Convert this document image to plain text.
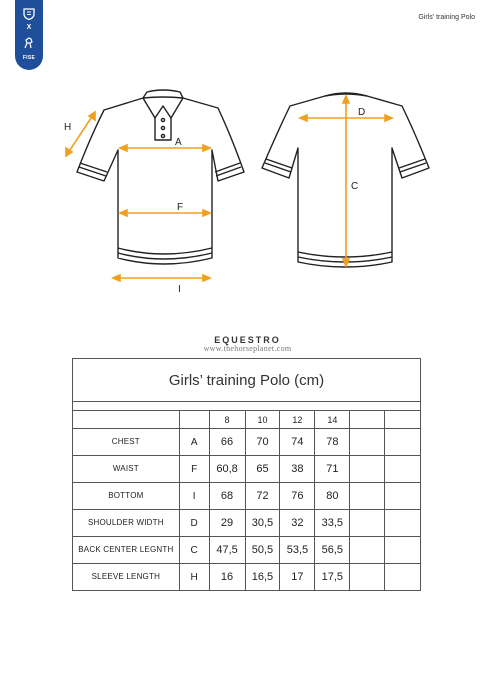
X
FISE
Girls' training Polo
H
A
F
I
D
C
EQUESTRO
www.thehorseplanet.com
Girls’ training Polo (cm)							

		8	10	12	14		
CHEST	A	66	70	74	78		
WAIST	F	60,8	65	38	71		
BOTTOM	I	68	72	76	80		
SHOULDER WIDTH	D	29	30,5	32	33,5		
BACK CENTER LEGNTH	C	47,5	50,5	53,5	56,5		
SLEEVE LENGTH	H	16	16,5	17	17,5		
